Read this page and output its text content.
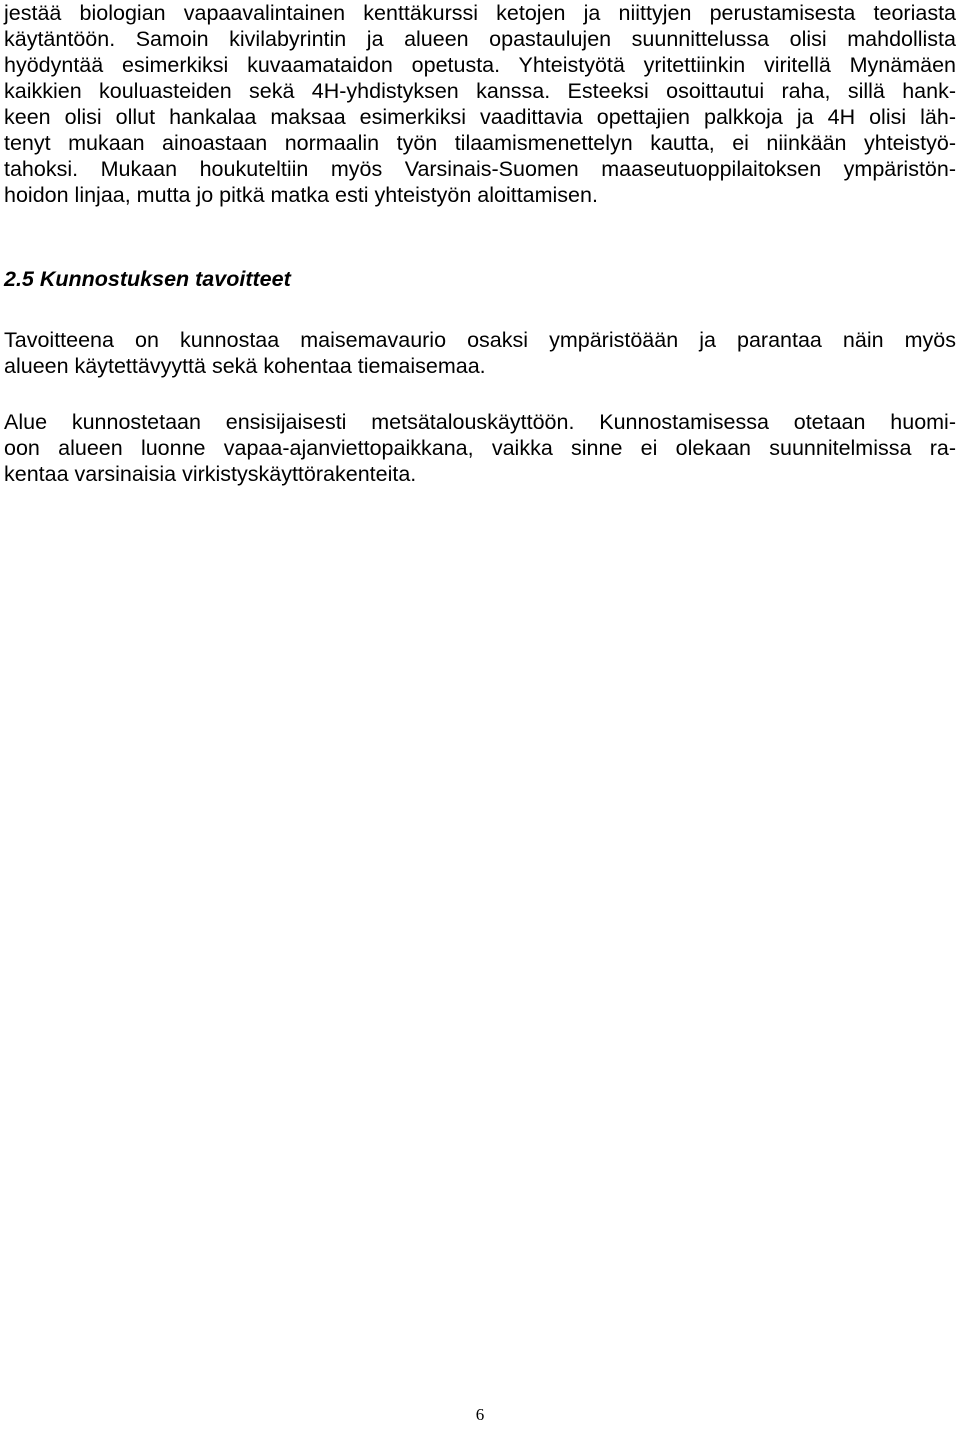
jestää biologian vapaavalintainen kenttäkurssi ketojen ja niittyjen perustamisesta teoriasta
käytäntöön. Samoin kivilabyrintin ja alueen opastaulujen suunnittelussa olisi mahdollista
hyödyntää esimerkiksi kuvaamataidon opetusta. Yhteistyötä yritettiinkin viritellä Mynämäen
kaikkien kouluasteiden sekä 4H-yhdistyksen kanssa. Esteeksi osoittautui raha, sillä hank-
keen olisi ollut hankalaa maksaa esimerkiksi vaadittavia opettajien palkkoja ja 4H olisi läh-
tenyt mukaan ainoastaan normaalin työn tilaamismenettelyn kautta, ei niinkään yhteistyö-
tahoksi. Mukaan houkuteltiin myös Varsinais-Suomen maaseutuoppilaitoksen ympäristön-
hoidon linjaa, mutta jo pitkä matka esti yhteistyön aloittamisen.
2.5 Kunnostuksen tavoitteet
Tavoitteena on kunnostaa maisemavaurio osaksi ympäristöään ja parantaa näin myös
alueen käytettävyyttä sekä kohentaa tiemaisemaa.
Alue kunnostetaan ensisijaisesti metsätalouskäyttöön. Kunnostamisessa otetaan huomi-
oon alueen luonne vapaa-ajanviettopaikkana, vaikka sinne ei olekaan suunnitelmissa ra-
kentaa varsinaisia virkistyskäyttörakenteita.
6
